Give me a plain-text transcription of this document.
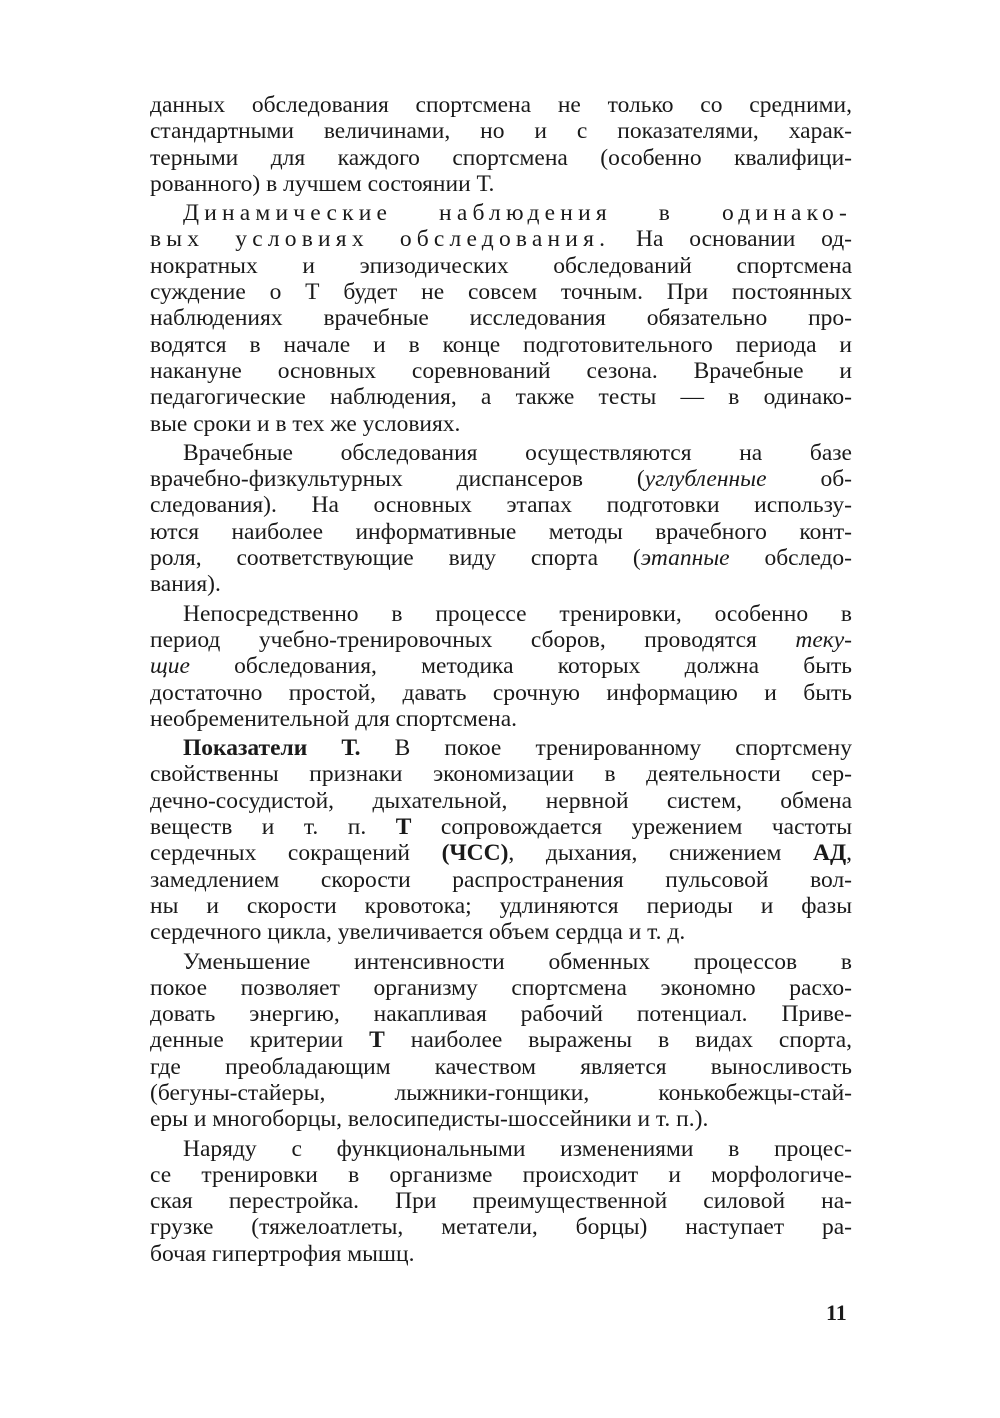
данных обследования спортсмена не только со средними,
стандартными величинами, но и с показателями, харак-
терными для каждого спортсмена (особенно квалифици-
рованного) в лучшем состоянии Т.
Динамические наблюдения в одинако-
вых условиях обследования. На основании од-
нократных и эпизодических обследований спортсмена
суждение о Т будет не совсем точным. При постоянных
наблюдениях врачебные исследования обязательно про-
водятся в начале и в конце подготовительного периода и
накануне основных соревнований сезона. Врачебные и
педагогические наблюдения, а также тесты — в одинако-
вые сроки и в тех же условиях.
Врачебные обследования осуществляются на базе
врачебно-физкультурных диспансеров (углубленные об-
следования). На основных этапах подготовки использу-
ются наиболее информативные методы врачебного конт-
роля, соответствующие виду спорта (этапные обследо-
вания).
Непосредственно в процессе тренировки, особенно в
период учебно-тренировочных сборов, проводятся теку-
щие обследования, методика которых должна быть
достаточно простой, давать срочную информацию и быть
необременительной для спортсмена.
Показатели Т. В покое тренированному спортсмену
свойственны признаки экономизации в деятельности сер-
дечно-сосудистой, дыхательной, нервной систем, обмена
веществ и т. п. Т сопровождается урежением частоты
сердечных сокращений (ЧСС), дыхания, снижением АД,
замедлением скорости распространения пульсовой вол-
ны и скорости кровотока; удлиняются периоды и фазы
сердечного цикла, увеличивается объем сердца и т. д.
Уменьшение интенсивности обменных процессов в
покое позволяет организму спортсмена экономно расхо-
довать энергию, накапливая рабочий потенциал. Приве-
денные критерии Т наиболее выражены в видах спорта,
где преобладающим качеством является выносливость
(бегуны-стайеры, лыжники-гонщики, конькобежцы-стай-
еры и многоборцы, велосипедисты-шоссейники и т. п.).
Наряду с функциональными изменениями в процес-
се тренировки в организме происходит и морфологиче-
ская перестройка. При преимущественной силовой на-
грузке (тяжелоатлеты, метатели, борцы) наступает ра-
бочая гипертрофия мышц.
11
